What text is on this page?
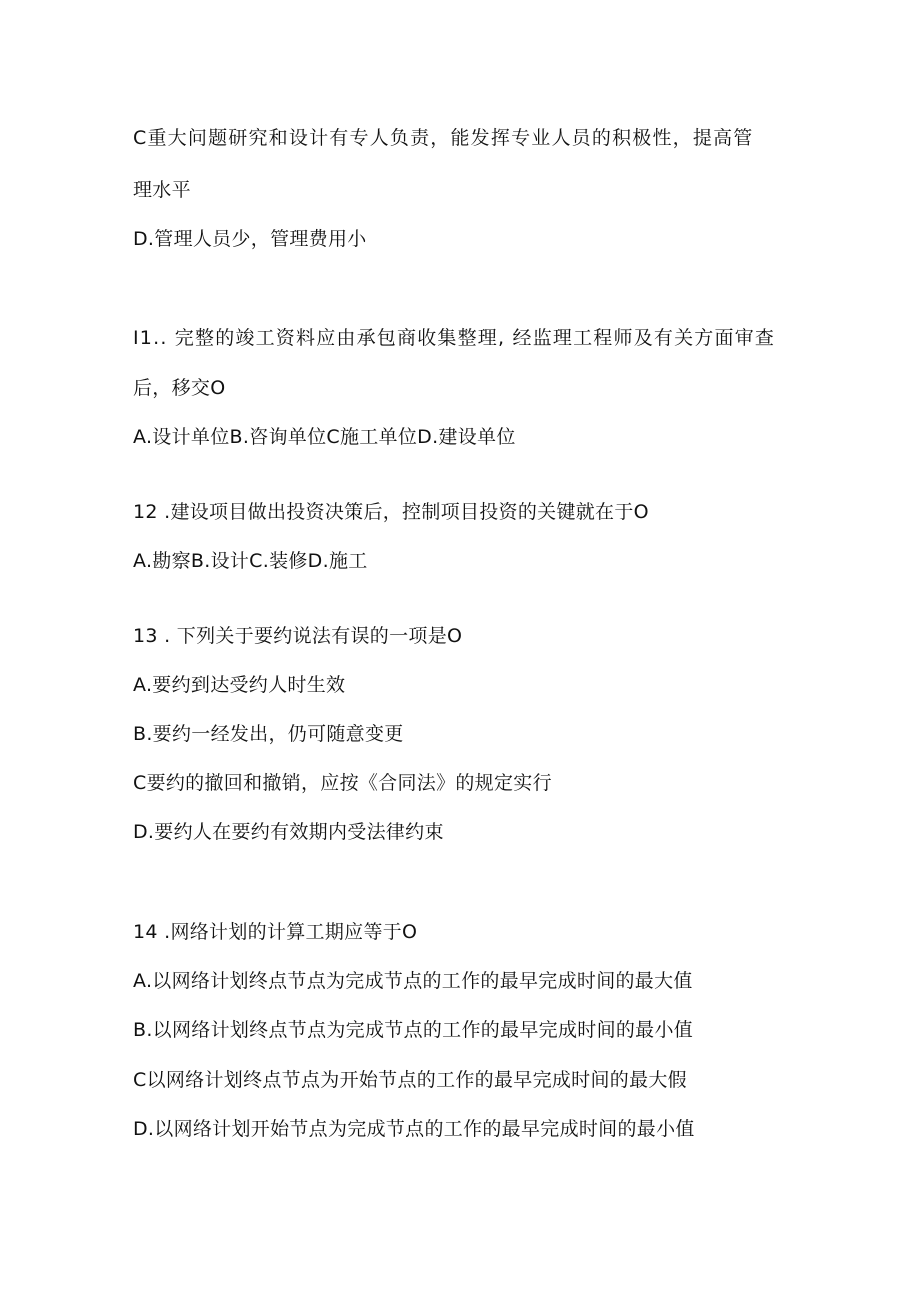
C重大问题研究和设计有专人负责，能发挥专业人员的积极性，提高管
理水平
D.管理人员少，管理费用小
I1.. 完整的竣工资料应由承包商收集整理, 经监理工程师及有关方面审查
后，移交O
A.设计单位B.咨询单位C施工单位D.建设单位
12 .建设项目做出投资决策后，控制项目投资的关键就在于O
A.勘察B.设计C.装修D.施工
13 . 下列关于要约说法有误的一项是O
A.要约到达受约人时生效
B.要约一经发出，仍可随意变更
C要约的撤回和撤销，应按《合同法》的规定实行
D.要约人在要约有效期内受法律约束
14 .网络计划的计算工期应等于O
A.以网络计划终点节点为完成节点的工作的最早完成时间的最大值
B.以网络计划终点节点为完成节点的工作的最早完成时间的最小值
C以网络计划终点节点为开始节点的工作的最早完成时间的最大假
D.以网络计划开始节点为完成节点的工作的最早完成时间的最小值
